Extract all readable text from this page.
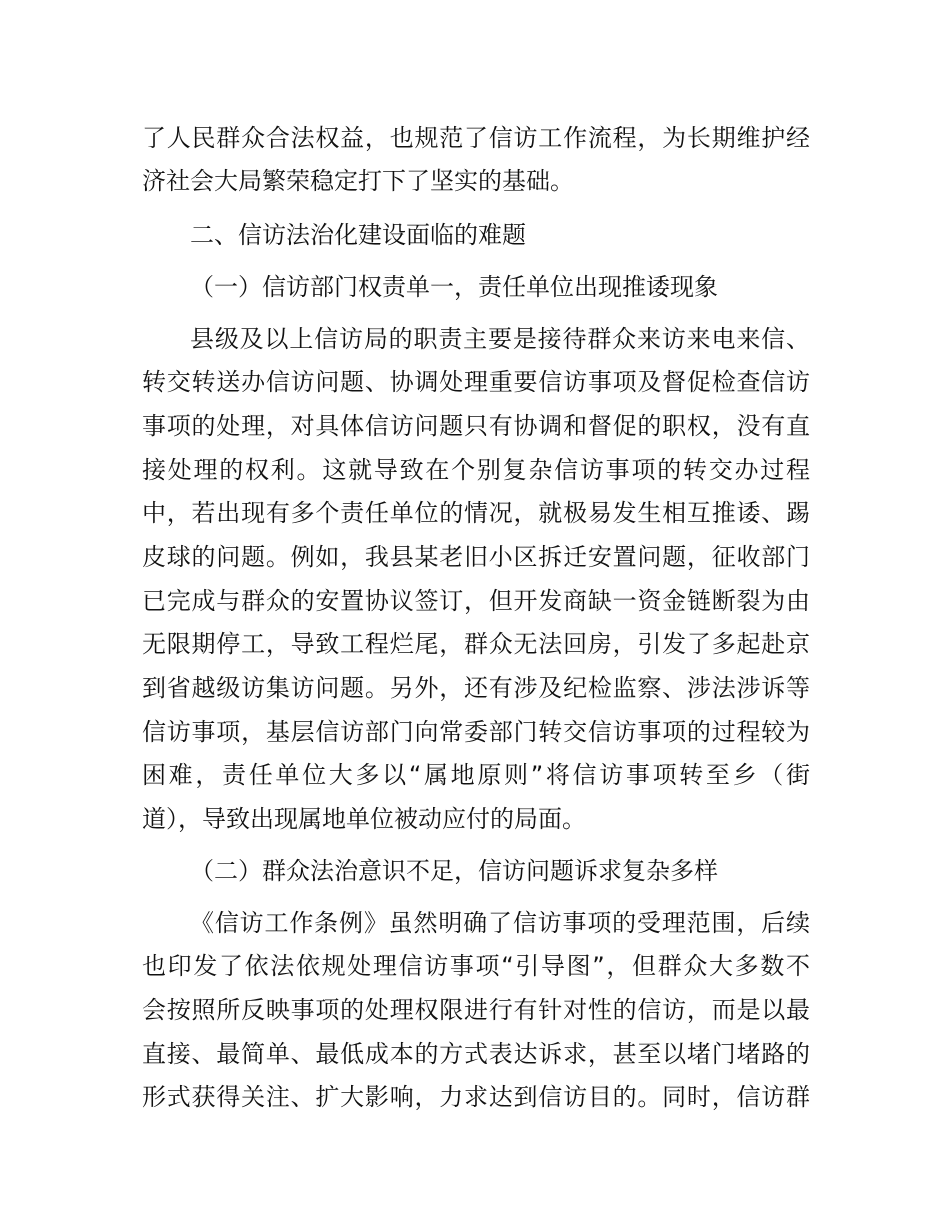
了人民群众合法权益，也规范了信访工作流程，为长期维护经
济社会大局繁荣稳定打下了坚实的基础。
二、信访法治化建设面临的难题
（一）信访部门权责单一，责任单位出现推诿现象
县级及以上信访局的职责主要是接待群众来访来电来信、
转交转送办信访问题、协调处理重要信访事项及督促检查信访
事项的处理，对具体信访问题只有协调和督促的职权，没有直
接处理的权利。这就导致在个别复杂信访事项的转交办过程
中，若出现有多个责任单位的情况，就极易发生相互推诿、踢
皮球的问题。例如，我县某老旧小区拆迁安置问题，征收部门
已完成与群众的安置协议签订，但开发商缺一资金链断裂为由
无限期停工，导致工程烂尾，群众无法回房，引发了多起赴京
到省越级访集访问题。另外，还有涉及纪检监察、涉法涉诉等
信访事项，基层信访部门向常委部门转交信访事项的过程较为
困难，责任单位大多以“属地原则”将信访事项转至乡（街
道），导致出现属地单位被动应付的局面。
（二）群众法治意识不足，信访问题诉求复杂多样
《信访工作条例》虽然明确了信访事项的受理范围，后续
也印发了依法依规处理信访事项“引导图”，但群众大多数不
会按照所反映事项的处理权限进行有针对性的信访，而是以最
直接、最简单、最低成本的方式表达诉求，甚至以堵门堵路的
形式获得关注、扩大影响，力求达到信访目的。同时，信访群
